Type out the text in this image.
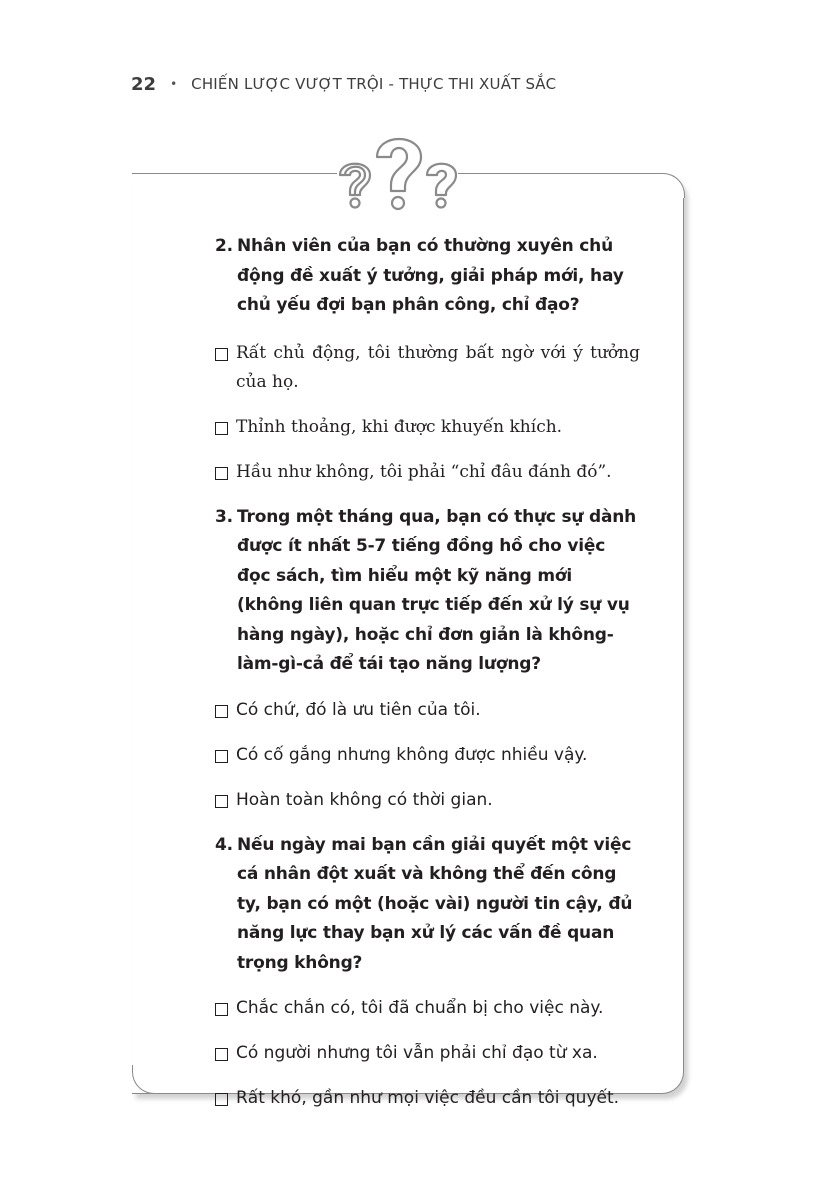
22 • CHIẾN LƯỢC VƯỢT TRỘI - THỰC THI XUẤT SẮC
2. Nhân viên của bạn có thường xuyên chủ động đề xuất ý tưởng, giải pháp mới, hay chủ yếu đợi bạn phân công, chỉ đạo?
Rất chủ động, tôi thường bất ngờ với ý tưởng của họ.
Thỉnh thoảng, khi được khuyến khích.
Hầu như không, tôi phải “chỉ đâu đánh đó”.
3. Trong một tháng qua, bạn có thực sự dành được ít nhất 5-7 tiếng đồng hồ cho việc đọc sách, tìm hiểu một kỹ năng mới (không liên quan trực tiếp đến xử lý sự vụ hàng ngày), hoặc chỉ đơn giản là không-làm-gì-cả để tái tạo năng lượng?
Có chứ, đó là ưu tiên của tôi.
Có cố gắng nhưng không được nhiều vậy.
Hoàn toàn không có thời gian.
4. Nếu ngày mai bạn cần giải quyết một việc cá nhân đột xuất và không thể đến công ty, bạn có một (hoặc vài) người tin cậy, đủ năng lực thay bạn xử lý các vấn đề quan trọng không?
Chắc chắn có, tôi đã chuẩn bị cho việc này.
Có người nhưng tôi vẫn phải chỉ đạo từ xa.
Rất khó, gần như mọi việc đều cần tôi quyết.
